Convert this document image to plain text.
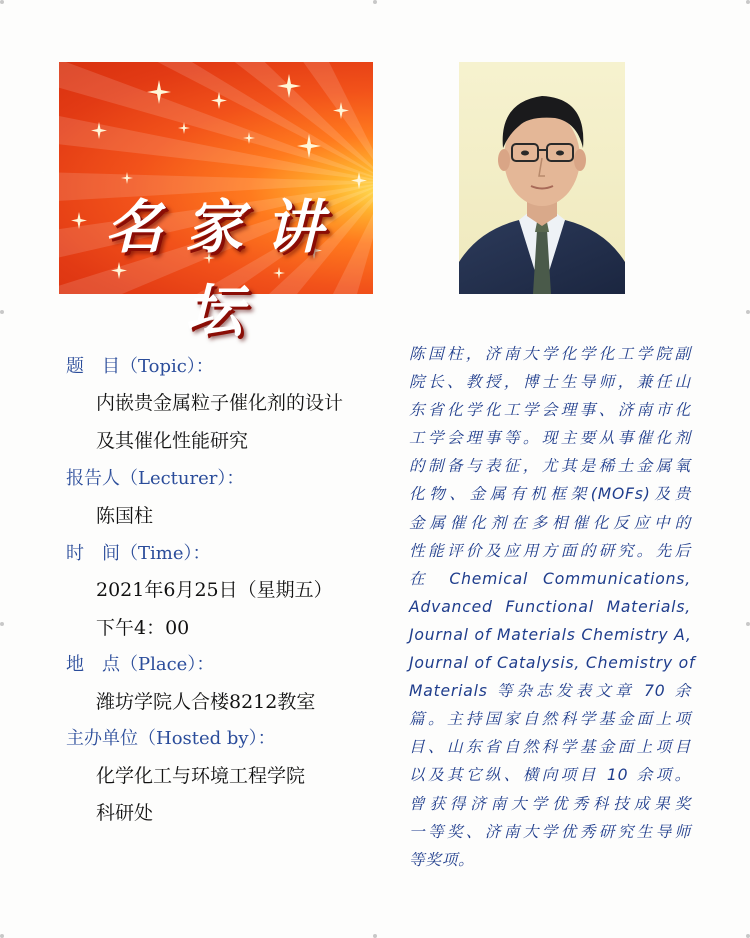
名家讲坛
题　目（Topic）：
内嵌贵金属粒子催化剂的设计
及其催化性能研究
报告人（Lecturer）：
陈国柱
时　间（Time）：
2021年6月25日（星期五）
下午4：00
地　点（Place）：
潍坊学院人合楼8212教室
主办单位（Hosted by）：
化学化工与环境工程学院
科研处
陈国柱，济南大学化学化工学院副
院长、教授，博士生导师，兼任山
东省化学化工学会理事、济南市化
工学会理事等。现主要从事催化剂
的制备与表征，尤其是稀土金属氧
化物、金属有机框架(MOFs)及贵
金属催化剂在多相催化反应中的
性能评价及应用方面的研究。先后
在 Chemical Communications,
Advanced Functional Materials,
Journal of Materials Chemistry A,
Journal of Catalysis, Chemistry of
Materials 等杂志发表文章 70 余
篇。主持国家自然科学基金面上项
目、山东省自然科学基金面上项目
以及其它纵、横向项目 10 余项。
曾获得济南大学优秀科技成果奖
一等奖、济南大学优秀研究生导师
等奖项。
